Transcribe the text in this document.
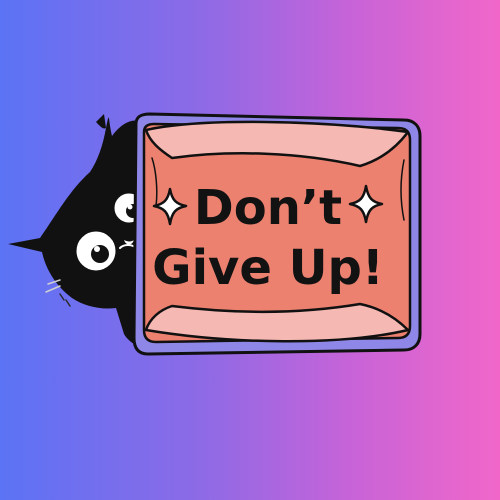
Don’t
Give Up!
